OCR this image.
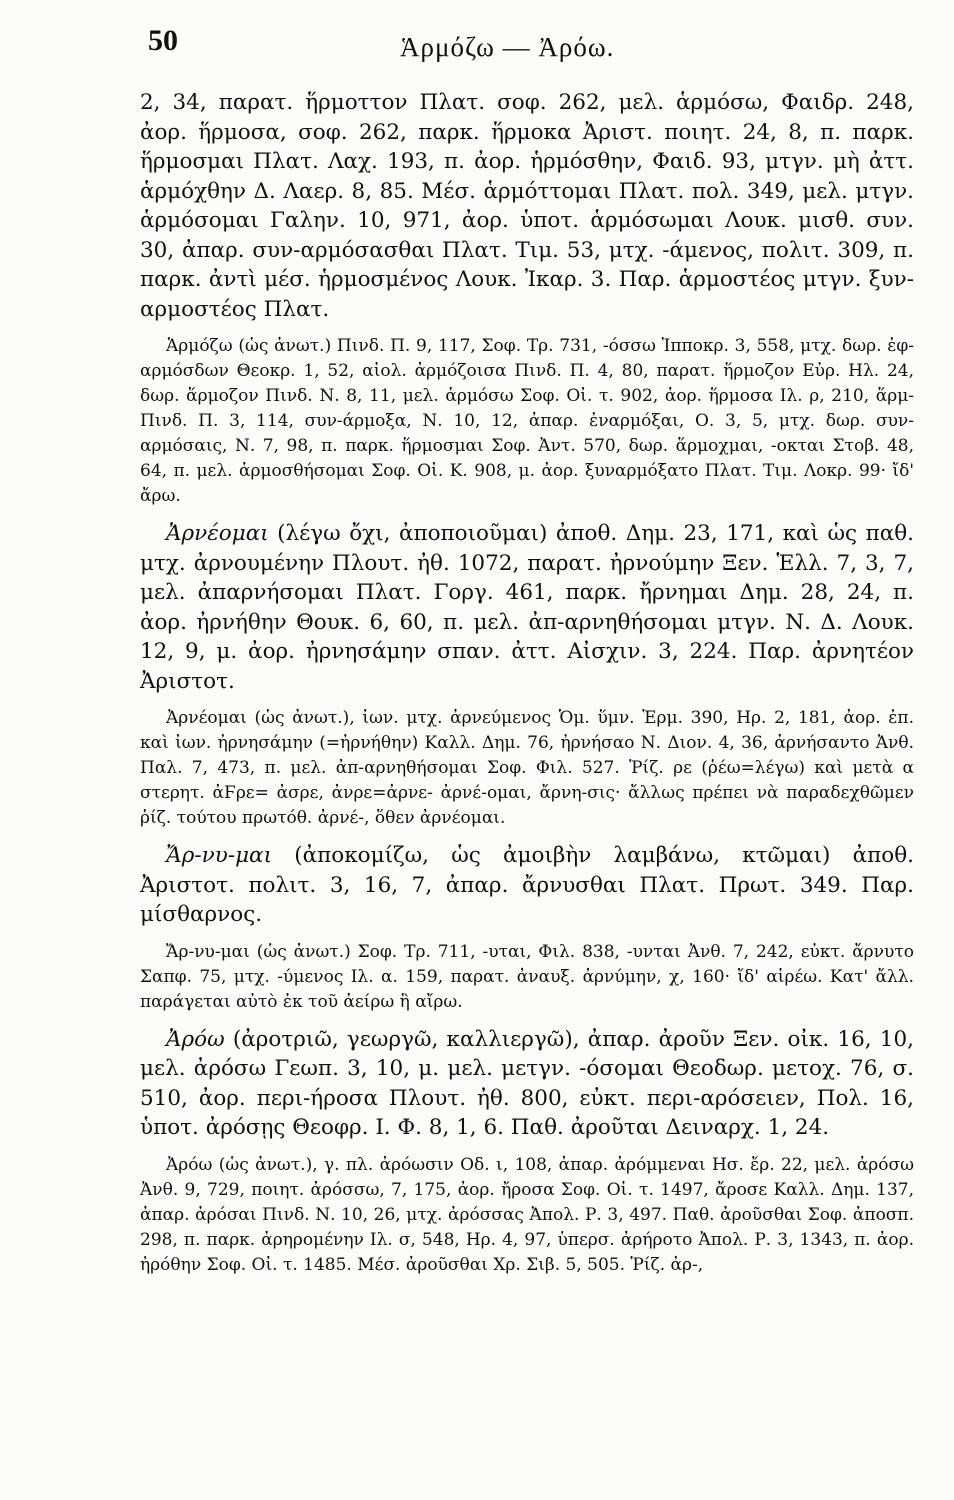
50	Ἁρμόζω — Ἀρόω.

2, 34, παρατ. ἥρμοττον Πλατ. σοφ. 262, μελ. ἁρμόσω, Φαιδρ. 248, ἀορ. ἥρμοσα, σοφ. 262, παρκ. ἥρμοκα Ἀριστ. ποιητ. 24, 8, π. παρκ. ἥρμοσμαι Πλατ. Λαχ. 193, π. ἀορ. ἡρμόσθην, Φαιδ. 93, μτγν. μὴ ἀττ. ἁρμόχθην Δ. Λαερ. 8, 85. Μέσ. ἁρμόττομαι Πλατ. πολ. 349, μελ. μτγν. ἁρμόσομαι Γαλην. 10, 971, ἀορ. ὑποτ. ἁρμόσωμαι Λουκ. μισθ. συν. 30, ἀπαρ. συν-αρμόσασθαι Πλατ. Τιμ. 53, μτχ. -άμενος, πολιτ. 309, π. παρκ. ἀντὶ μέσ. ἡρμοσμένος Λουκ. Ἰκαρ. 3. Παρ. ἁρμοστέος μτγν. ξυν-αρμοστέος Πλατ.

Ἁρμόζω (ὡς ἀνωτ.) Πινδ. Π. 9, 117, Σοφ. Τρ. 731, -όσσω Ἱπποκρ. 3, 558, μτχ. δωρ. ἐφ-αρμόσδων Θεοκρ. 1, 52, αἰολ. ἀρμόζοισα Πινδ. Π. 4, 80, παρατ. ἥρμοζον Εὐρ. Ηλ. 24, δωρ. ἅρμοζον Πινδ. Ν. 8, 11, μελ. ἁρμόσω Σοφ. Οἰ. τ. 902, ἀορ. ἥρμοσα Ιλ. ρ, 210, ἅρμ- Πινδ. Π. 3, 114, συν-άρμοξα, Ν. 10, 12, ἀπαρ. ἐναρμόξαι, Ο. 3, 5, μτχ. δωρ. συν-αρμόσαις, Ν. 7, 98, π. παρκ. ἥρμοσμαι Σοφ. Ἀντ. 570, δωρ. ἅρμοχμαι, -οκται Στοβ. 48, 64, π. μελ. ἁρμοσθήσομαι Σοφ. Οἰ. Κ. 908, μ. ἀορ. ξυναρμόξατο Πλατ. Τιμ. Λοκρ. 99· ἴδ' ἄρω.

Ἀρνέομαι (λέγω ὄχι, ἀποποιοῦμαι) ἀποθ. Δημ. 23, 171, καὶ ὡς παθ. μτχ. ἀρνουμένην Πλουτ. ἠθ. 1072, παρατ. ἠρνούμην Ξεν. Ἑλλ. 7, 3, 7, μελ. ἀπαρνήσομαι Πλατ. Γοργ. 461, παρκ. ἤρνημαι Δημ. 28, 24, π. ἀορ. ἠρνήθην Θουκ. 6, 60, π. μελ. ἀπ-αρνηθήσομαι μτγν. Ν. Δ. Λουκ. 12, 9, μ. ἀορ. ἠρνησάμην σπαν. ἀττ. Αἰσχιν. 3, 224. Παρ. ἀρνητέον Ἀριστοτ.

Ἀρνέομαι (ὡς ἀνωτ.), ἰων. μτχ. ἀρνεύμενος Ὁμ. ὕμν. Ἑρμ. 390, Ηρ. 2, 181, ἀορ. ἐπ. καὶ ἰων. ἠρνησάμην (=ἠρνήθην) Καλλ. Δημ. 76, ἠρνήσαο Ν. Διον. 4, 36, ἀρνήσαντο Ἀνθ. Παλ. 7, 473, π. μελ. ἀπ-αρνηθήσομαι Σοφ. Φιλ. 527. Ῥίζ. ρε (ῥέω=λέγω) καὶ μετὰ α στερητ. ἀϜρε= ἀσρε, ἀνρε=ἀρνε- ἀρνέ-ομαι, ἄρνη-σις· ἄλλως πρέπει νὰ παραδεχθῶμεν ῥίζ. τούτου πρωτόθ. ἀρνέ-, ὅθεν ἀρνέομαι.

Ἄρ-νυ-μαι (ἀποκομίζω, ὡς ἀμοιβὴν λαμβάνω, κτῶμαι) ἀποθ. Ἀριστοτ. πολιτ. 3, 16, 7, ἀπαρ. ἄρνυσθαι Πλατ. Πρωτ. 349. Παρ. μίσθαρνος.

Ἄρ-νυ-μαι (ὡς ἀνωτ.) Σοφ. Τρ. 711, -υται, Φιλ. 838, -υνται Ἀνθ. 7, 242, εὐκτ. ἄρνυτο Σαπφ. 75, μτχ. -ύμενος Ιλ. α. 159, παρατ. ἀναυξ. ἀρνύμην, χ, 160· ἴδ' αἱρέω. Κατ' ἄλλ. παράγεται αὐτὸ ἐκ τοῦ ἀείρω ἢ αἴρω.

Ἀρόω (ἀροτριῶ, γεωργῶ, καλλιεργῶ), ἀπαρ. ἀροῦν Ξεν. οἰκ. 16, 10, μελ. ἀρόσω Γεωπ. 3, 10, μ. μελ. μετγν. -όσομαι Θεοδωρ. μετοχ. 76, σ. 510, ἀορ. περι-ήροσα Πλουτ. ἠθ. 800, εὐκτ. περι-αρόσειεν, Πολ. 16, ὑποτ. ἀρόσῃς Θεοφρ. Ι. Φ. 8, 1, 6. Παθ. ἀροῦται Δειναρχ. 1, 24.

Ἀρόω (ὡς ἀνωτ.), γ. πλ. ἀρόωσιν Οδ. ι, 108, ἀπαρ. ἀρόμμεναι Ησ. ἔρ. 22, μελ. ἀρόσω Ἀνθ. 9, 729, ποιητ. ἀρόσσω, 7, 175, ἀορ. ἤροσα Σοφ. Οἰ. τ. 1497, ἄροσε Καλλ. Δημ. 137, ἀπαρ. ἀρόσαι Πινδ. Ν. 10, 26, μτχ. ἀρόσσας Ἀπολ. Ρ. 3, 497. Παθ. ἀροῦσθαι Σοφ. ἀποσπ. 298, π. παρκ. ἀρηρομένην Ιλ. σ, 548, Ηρ. 4, 97, ὑπερσ. ἀρήροτο Ἀπολ. Ρ. 3, 1343, π. ἀορ. ἠρόθην Σοφ. Οἰ. τ. 1485. Μέσ. ἀροῦσθαι Χρ. Σιβ. 5, 505. Ῥίζ. ἀρ-,
